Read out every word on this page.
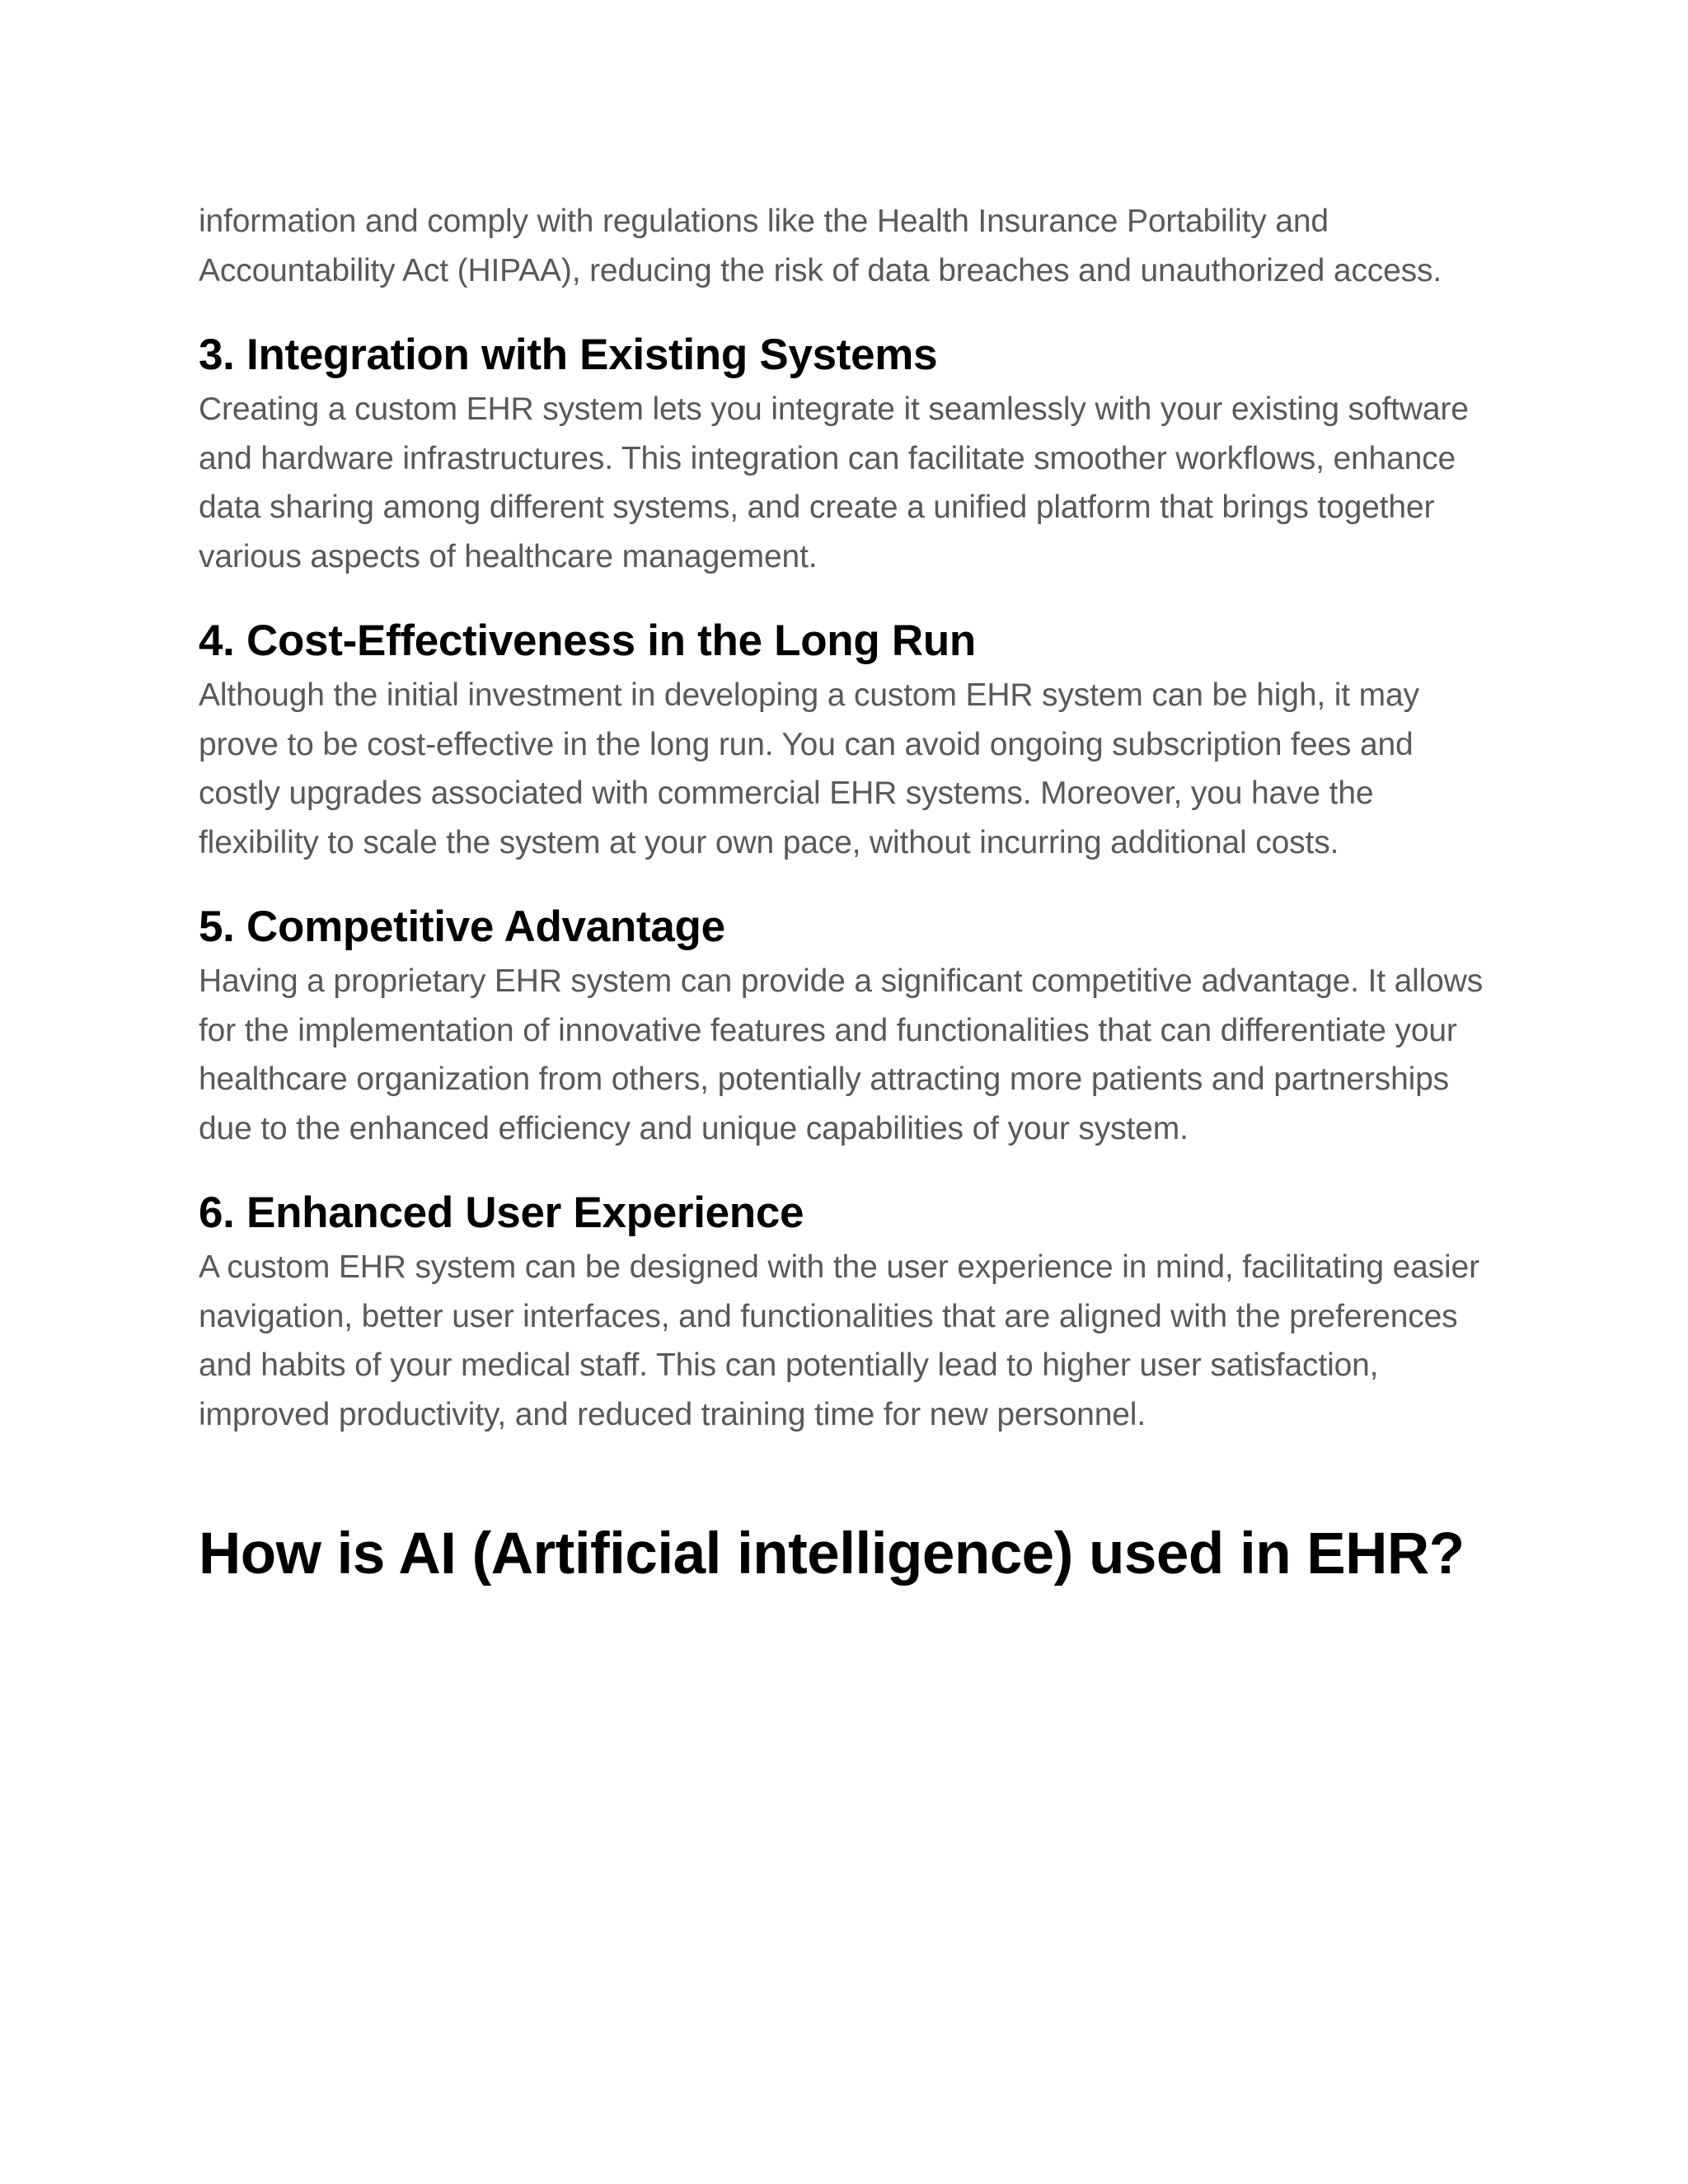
information and comply with regulations like the Health Insurance Portability and Accountability Act (HIPAA), reducing the risk of data breaches and unauthorized access.

3. Integration with Existing Systems

Creating a custom EHR system lets you integrate it seamlessly with your existing software and hardware infrastructures. This integration can facilitate smoother workflows, enhance data sharing among different systems, and create a unified platform that brings together various aspects of healthcare management.

4. Cost-Effectiveness in the Long Run

Although the initial investment in developing a custom EHR system can be high, it may prove to be cost-effective in the long run. You can avoid ongoing subscription fees and costly upgrades associated with commercial EHR systems. Moreover, you have the flexibility to scale the system at your own pace, without incurring additional costs.

5. Competitive Advantage

Having a proprietary EHR system can provide a significant competitive advantage. It allows for the implementation of innovative features and functionalities that can differentiate your healthcare organization from others, potentially attracting more patients and partnerships due to the enhanced efficiency and unique capabilities of your system.

6. Enhanced User Experience

A custom EHR system can be designed with the user experience in mind, facilitating easier navigation, better user interfaces, and functionalities that are aligned with the preferences and habits of your medical staff. This can potentially lead to higher user satisfaction, improved productivity, and reduced training time for new personnel.

How is AI (Artificial intelligence) used in EHR?
